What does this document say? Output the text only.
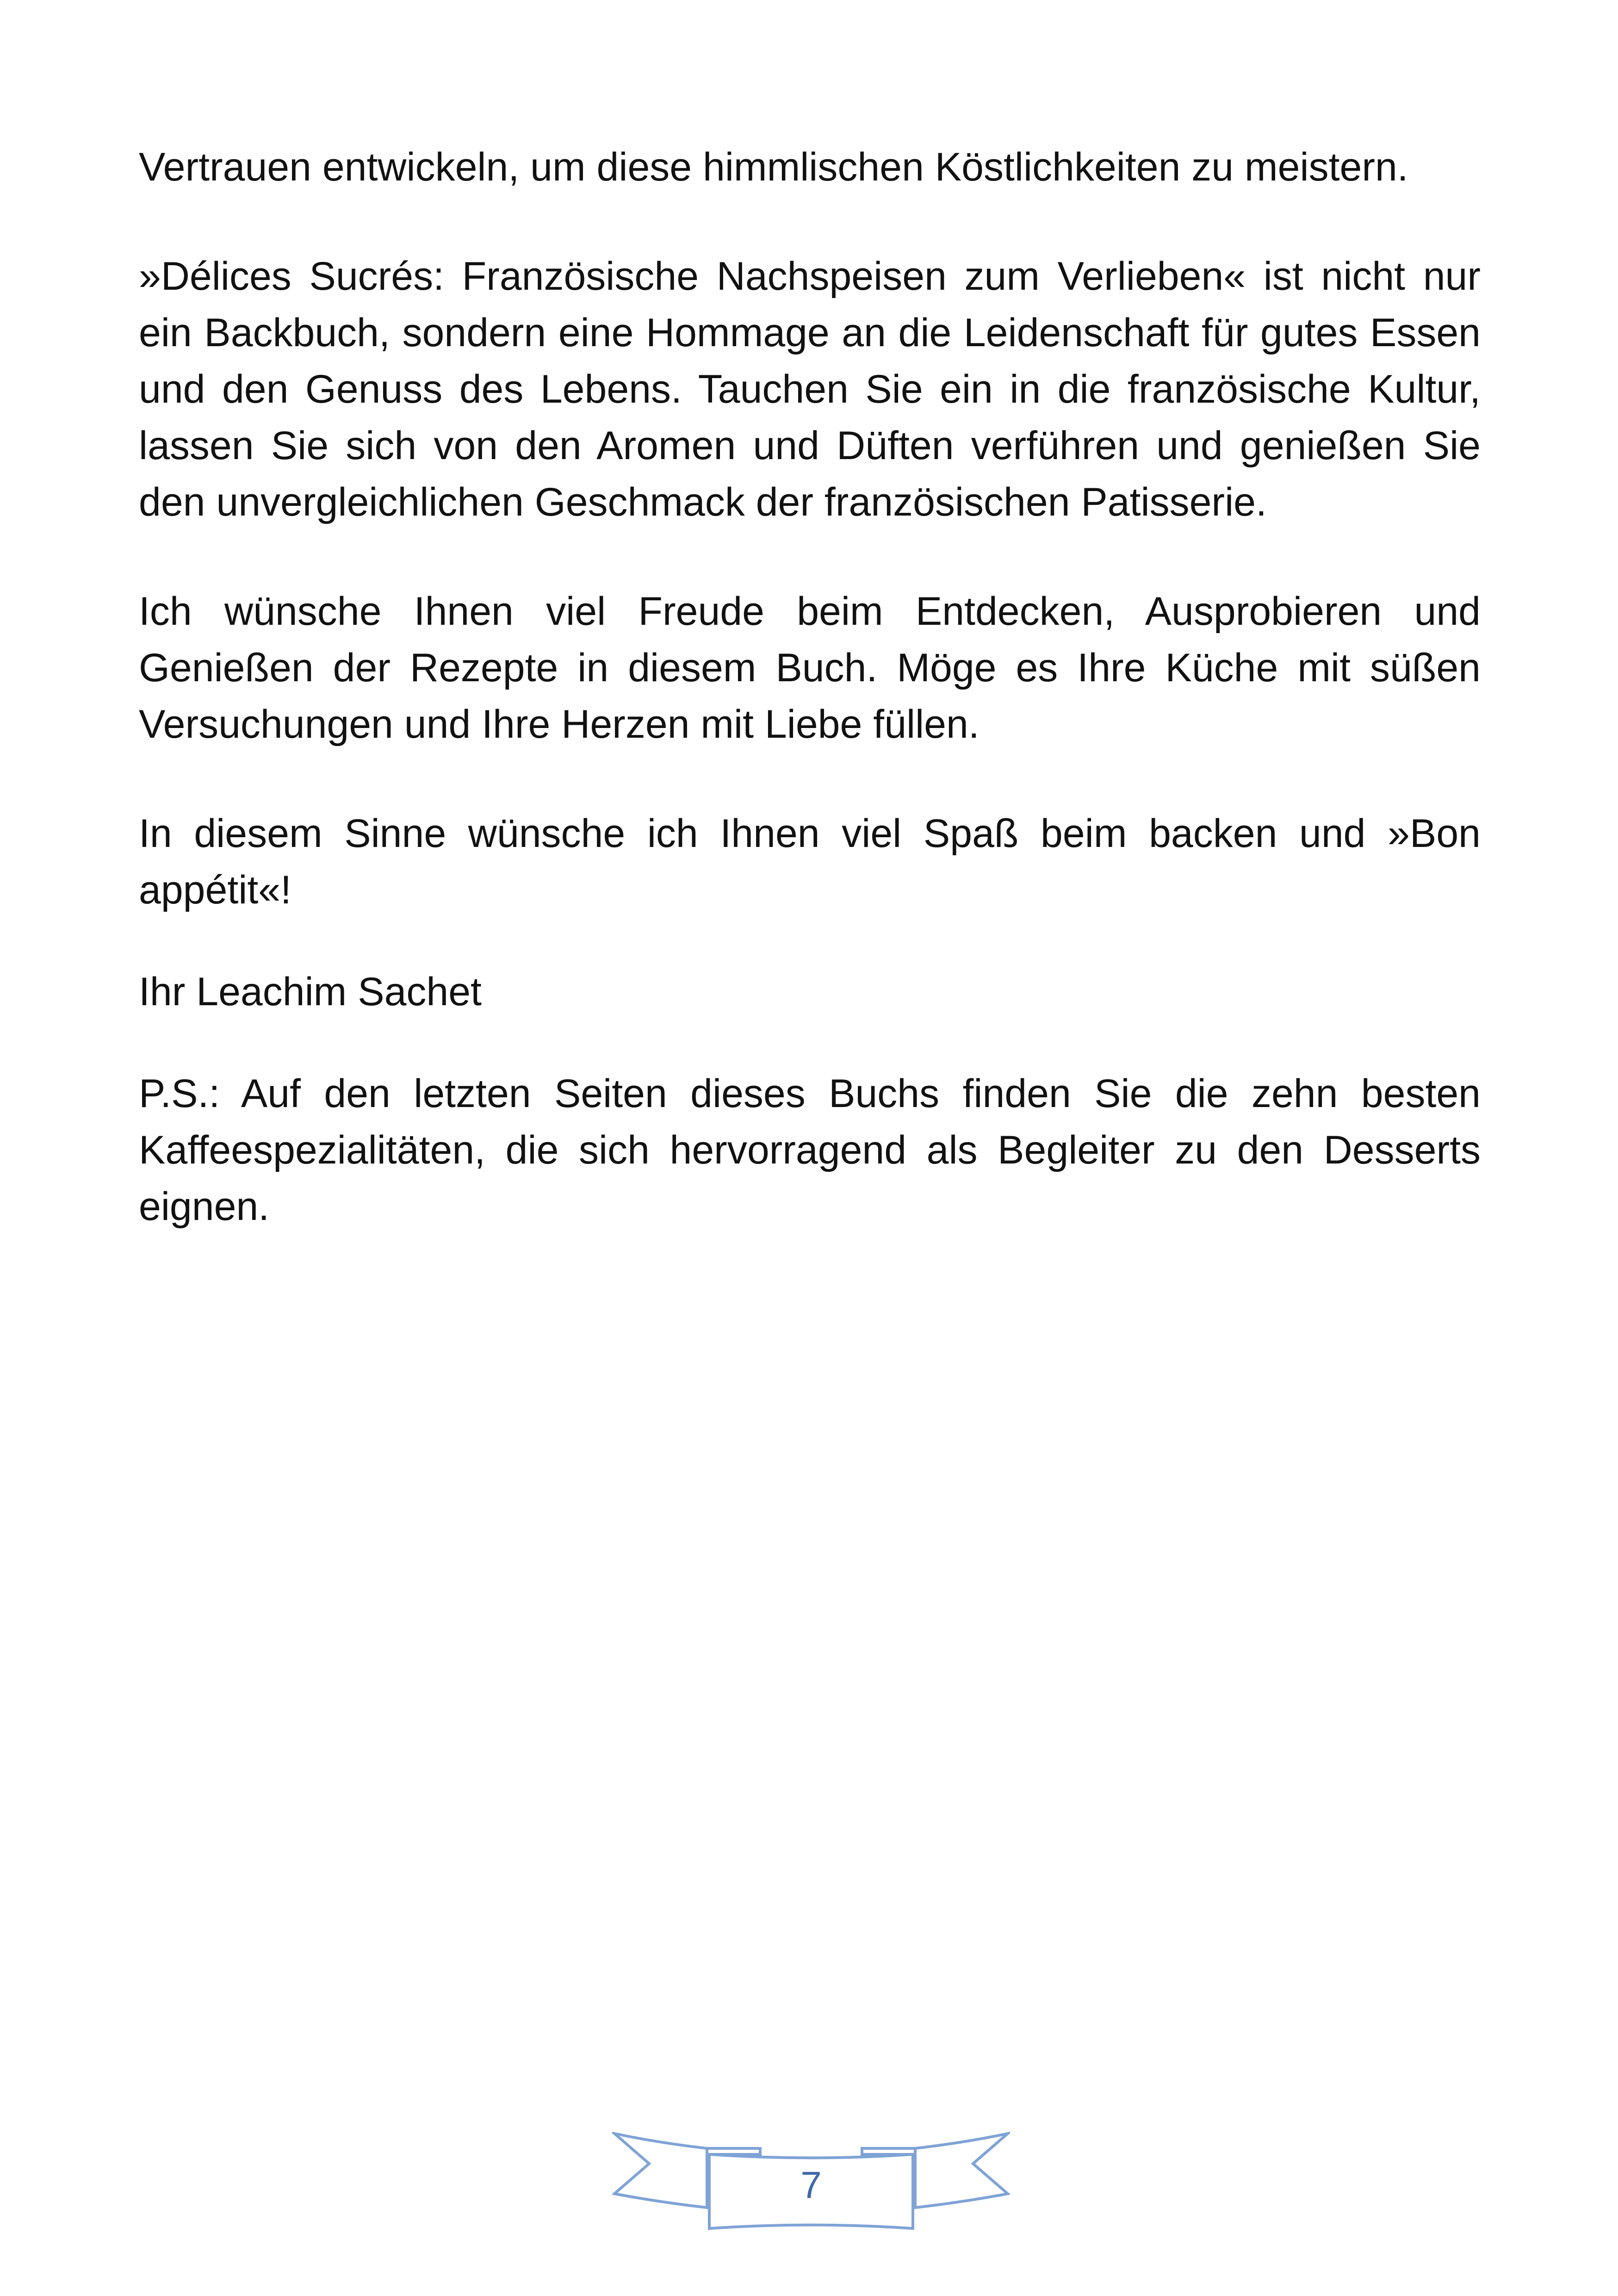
Vertrauen entwickeln, um diese himmlischen Köstlichkeiten zu meistern.

»Délices Sucrés: Französische Nachspeisen zum Verlieben« ist nicht nur ein Backbuch, sondern eine Hommage an die Leidenschaft für gutes Essen und den Genuss des Lebens. Tauchen Sie ein in die französische Kultur, lassen Sie sich von den Aromen und Düften verführen und genießen Sie den unvergleichlichen Geschmack der französischen Patisserie.

Ich wünsche Ihnen viel Freude beim Entdecken, Ausprobieren und Genießen der Rezepte in diesem Buch. Möge es Ihre Küche mit süßen Versuchungen und Ihre Herzen mit Liebe füllen.

In diesem Sinne wünsche ich Ihnen viel Spaß beim backen und »Bon appétit«!

Ihr Leachim Sachet

P.S.: Auf den letzten Seiten dieses Buchs finden Sie die zehn besten Kaffeespezialitäten, die sich hervorragend als Begleiter zu den Desserts eignen.

7
